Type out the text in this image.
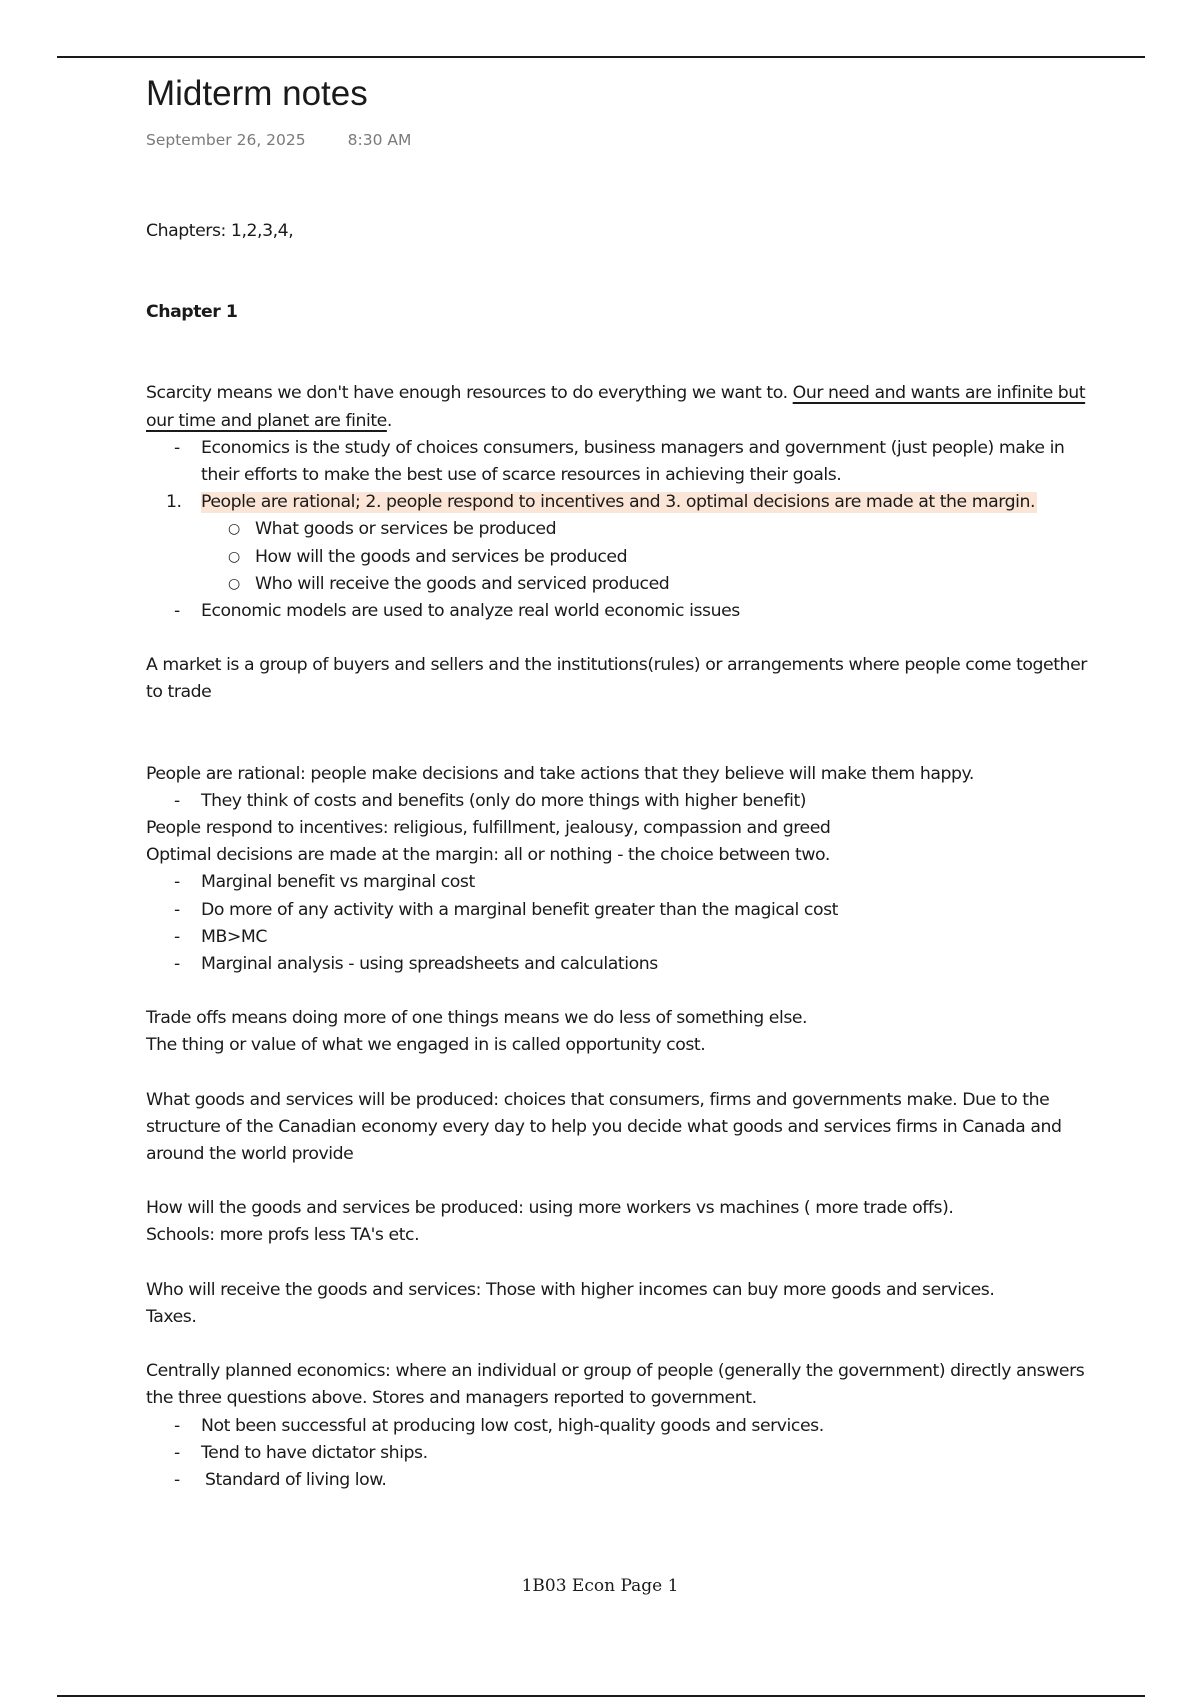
Midterm notes
September 26, 2025	8:30 AM

Chapters: 1,2,3,4,

Chapter 1

Scarcity means we don't have enough resources to do everything we want to. Our need and wants are infinite but our time and planet are finite.

- Economics is the study of choices consumers, business managers and government (just people) make in their efforts to make the best use of scarce resources in achieving their goals.

1. People are rational; 2. people respond to incentives and 3. optimal decisions are made at the margin.

○ What goods or services be produced

○ How will the goods and services be produced

○ Who will receive the goods and serviced produced

- Economic models are used to analyze real world economic issues

A market is a group of buyers and sellers and the institutions(rules) or arrangements where people come together to trade

People are rational: people make decisions and take actions that they believe will make them happy.

- They think of costs and benefits (only do more things with higher benefit)

People respond to incentives: religious, fulfillment, jealousy, compassion and greed

Optimal decisions are made at the margin: all or nothing - the choice between two.

- Marginal benefit vs marginal cost

- Do more of any activity with a marginal benefit greater than the magical cost

- MB>MC

- Marginal analysis - using spreadsheets and calculations

Trade offs means doing more of one things means we do less of something else.

The thing or value of what we engaged in is called opportunity cost.

What goods and services will be produced: choices that consumers, firms and governments make. Due to the structure of the Canadian economy every day to help you decide what goods and services firms in Canada and around the world provide

How will the goods and services be produced: using more workers vs machines ( more trade offs).

Schools: more profs less TA's etc.

Who will receive the goods and services: Those with higher incomes can buy more goods and services.

Taxes.

Centrally planned economics: where an individual or group of people (generally the government) directly answers the three questions above. Stores and managers reported to government.

- Not been successful at producing low cost, high-quality goods and services.

- Tend to have dictator ships.

- Standard of living low.

1B03 Econ Page 1
